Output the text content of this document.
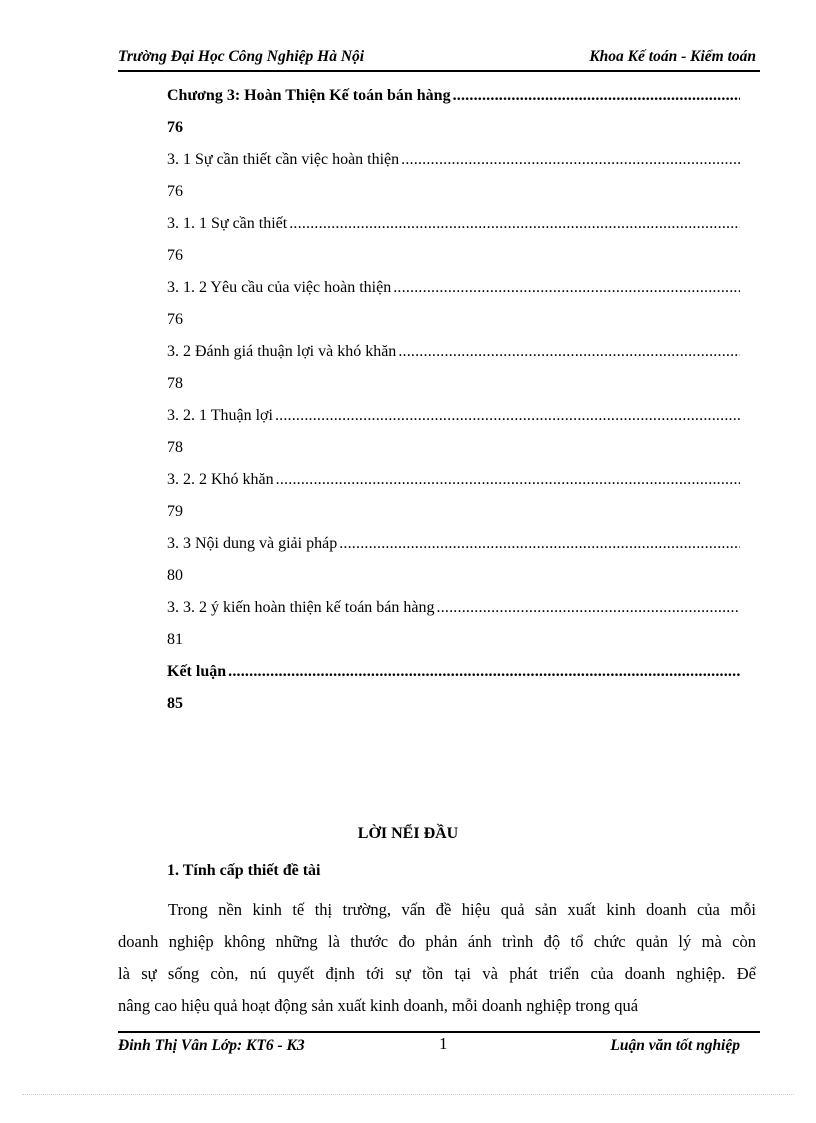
Trường Đại Học Công Nghiệp Hà Nội	Khoa Kế toán - Kiểm toán
Chương 3: Hoàn Thiện Kế toán bán hàng
.....
76
3. 1 Sự cần thiết cần việc hoàn thiện
.....
76
3. 1. 1 Sự cần thiết
.....
76
3. 1. 2 Yêu cầu của việc hoàn thiện
.....
76
3. 2 Đánh giá thuận lợi và khó khăn
.....
78
3. 2. 1 Thuận lợi
.....
78
3. 2. 2 Khó khăn
.....
79
3. 3 Nội dung và giải pháp
.....
80
3. 3. 2 ý kiến hoàn thiện kế toán bán hàng
.....
81
Kết luận
.....
85
LỜI NỂI ĐẦU
1. Tính cấp thiết đề tài
Trong nền kinh tế thị trường, vấn đề hiệu quả sản xuất kinh doanh của mỗi
doanh nghiệp không những là thước đo phản ánh trình độ tổ chức quản lý mà còn
là sự sống còn, nú quyết định tới sự tồn tại và phát triển của doanh nghiệp. Để
nâng cao hiệu quả hoạt động sản xuất kinh doanh, mỗi doanh nghiệp trong quá
Đinh Thị Vân Lớp: KT6 - K3	1	Luận văn tốt nghiệp
